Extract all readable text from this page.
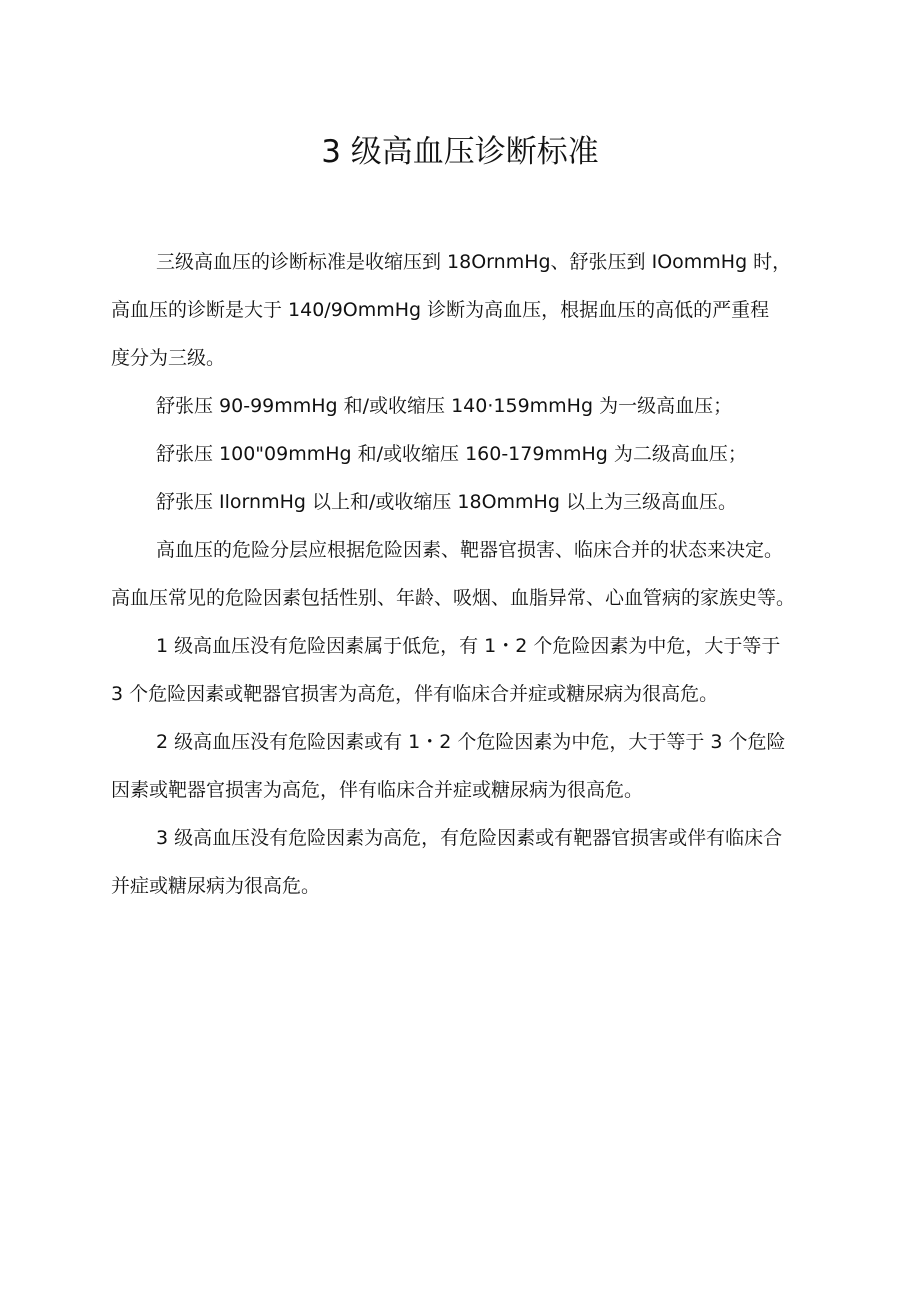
3 级高血压诊断标准

三级高血压的诊断标准是收缩压到 18OrnmHg、舒张压到 IOommHg 时，
高血压的诊断是大于 140/9OmmHg 诊断为高血压，根据血压的高低的严重程
度分为三级。

舒张压 90-99mmHg 和/或收缩压 140·159mmHg 为一级高血压；

舒张压 100"09mmHg 和/或收缩压 160-179mmHg 为二级高血压；

舒张压 IlornmHg 以上和/或收缩压 18OmmHg 以上为三级高血压。

高血压的危险分层应根据危险因素、靶器官损害、临床合并的状态来决定。
高血压常见的危险因素包括性别、年龄、吸烟、血脂异常、心血管病的家族史等。

1 级高血压没有危险因素属于低危，有 1・2 个危险因素为中危，大于等于
3 个危险因素或靶器官损害为高危，伴有临床合并症或糖尿病为很高危。

2 级高血压没有危险因素或有 1・2 个危险因素为中危，大于等于 3 个危险
因素或靶器官损害为高危，伴有临床合并症或糖尿病为很高危。

3 级高血压没有危险因素为高危，有危险因素或有靶器官损害或伴有临床合
并症或糖尿病为很高危。
